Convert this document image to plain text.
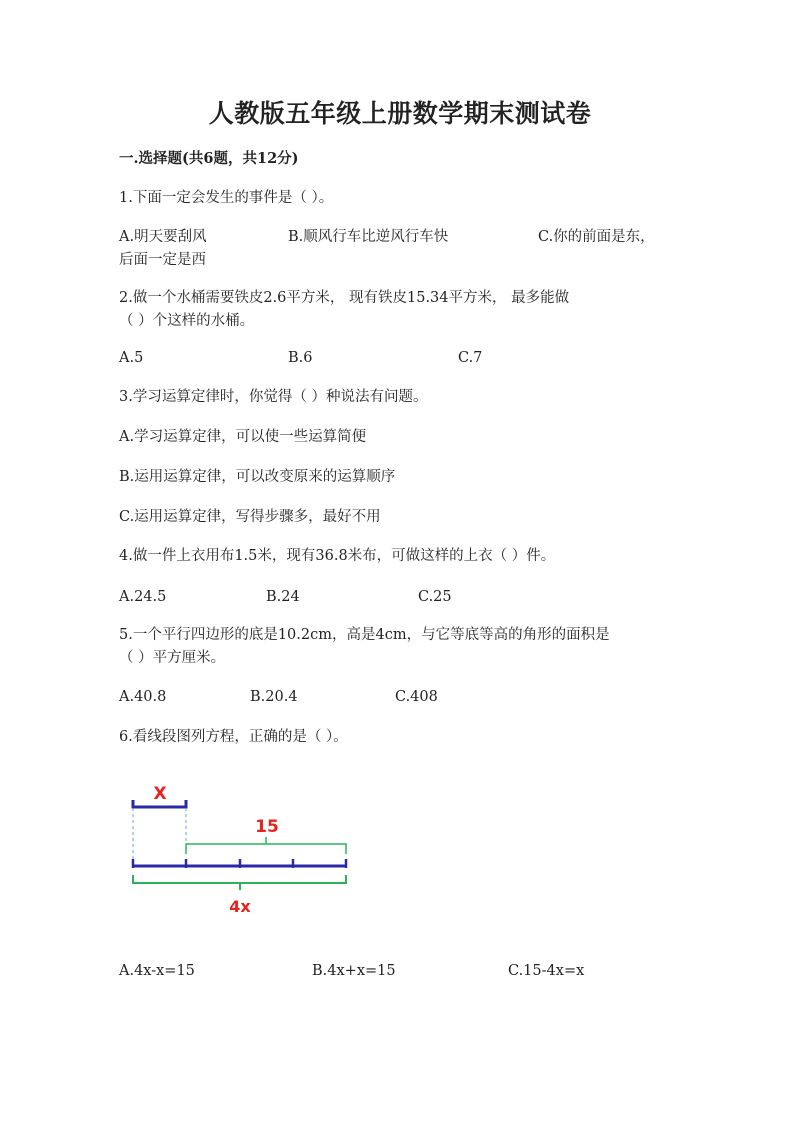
人教版五年级上册数学期末测试卷
一.选择题(共6题，共12分)
1.下面一定会发生的事件是（ ）。
A.明天要刮风	B.顺风行车比逆风行车快	C.你的前面是东，
后面一定是西
2.做一个水桶需要铁皮2.6平方米， 现有铁皮15.34平方米， 最多能做
（ ）个这样的水桶。
A.5	B.6	C.7
3.学习运算定律时，你觉得（ ）种说法有问题。
A.学习运算定律，可以使一些运算简便
B.运用运算定律，可以改变原来的运算顺序
C.运用运算定律，写得步骤多，最好不用
4.做一件上衣用布1.5米，现有36.8米布，可做这样的上衣（ ）件。
A.24.5	B.24	C.25
5.一个平行四边形的底是10.2cm，高是4cm，与它等底等高的角形的面积是
（ ）平方厘米。
A.40.8	B.20.4	C.408
6.看线段图列方程，正确的是（ ）。
X
15
4x
A.4x-x=15	B.4x+x=15	C.15-4x=x
